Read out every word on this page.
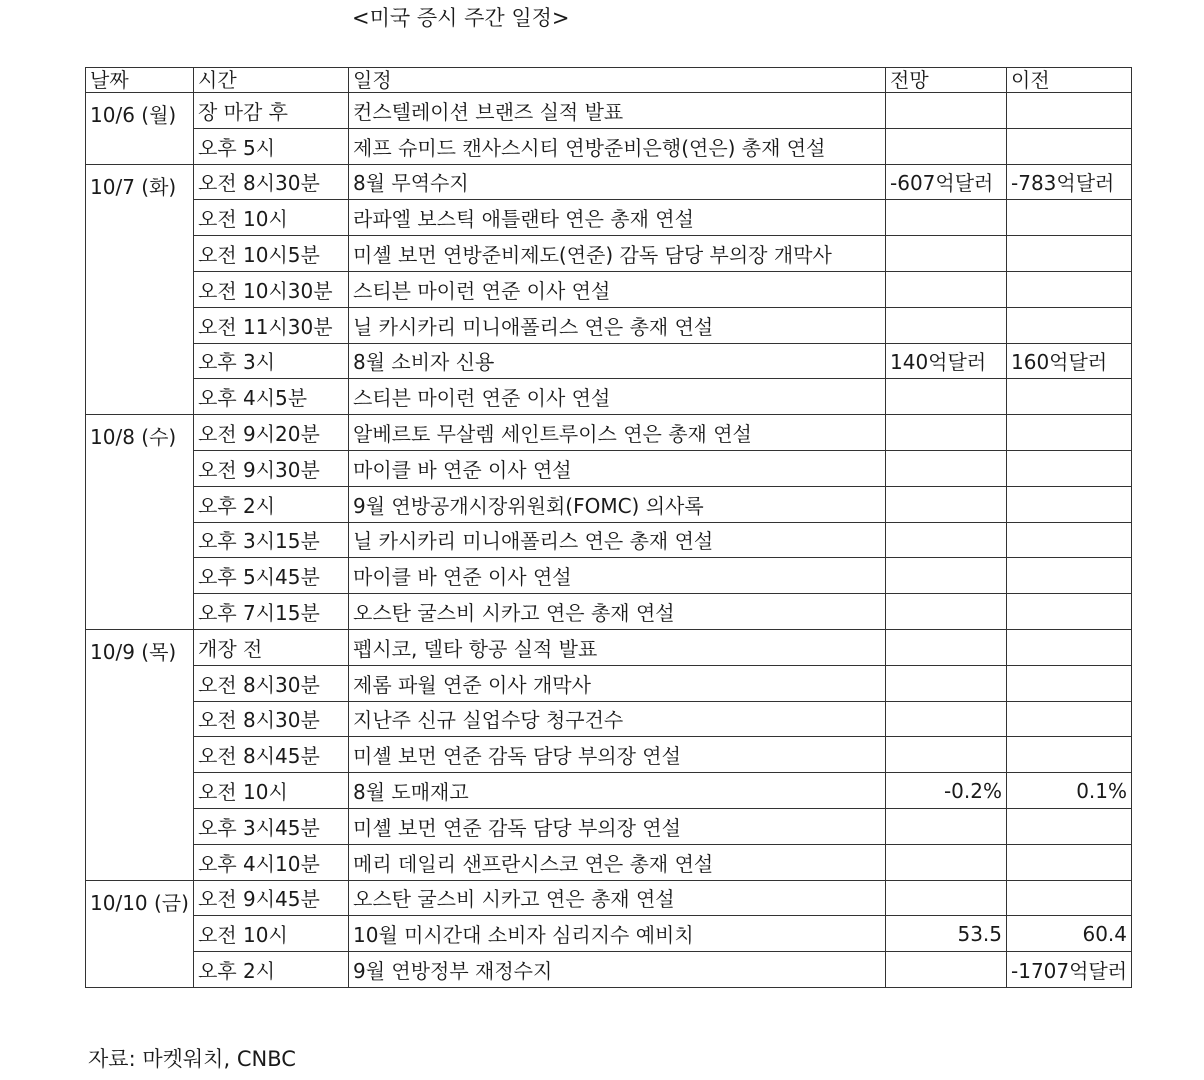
<미국 증시 주간 일정>
날짜	시간	일정	전망	이전
10/6 (월)	장 마감 후	컨스텔레이션 브랜즈 실적 발표		
	오후 5시	제프 슈미드 캔사스시티 연방준비은행(연은) 총재 연설		
10/7 (화)	오전 8시30분	8월 무역수지	-607억달러	-783억달러
	오전 10시	라파엘 보스틱 애틀랜타 연은 총재 연설		
	오전 10시5분	미셸 보먼 연방준비제도(연준) 감독 담당 부의장 개막사		
	오전 10시30분	스티븐 마이런 연준 이사 연설		
	오전 11시30분	닐 카시카리 미니애폴리스 연은 총재 연설		
	오후 3시	8월 소비자 신용	140억달러	160억달러
	오후 4시5분	스티븐 마이런 연준 이사 연설		
10/8 (수)	오전 9시20분	알베르토 무살렘 세인트루이스 연은 총재 연설		
	오전 9시30분	마이클 바 연준 이사 연설		
	오후 2시	9월 연방공개시장위원회(FOMC) 의사록		
	오후 3시15분	닐 카시카리 미니애폴리스 연은 총재 연설		
	오후 5시45분	마이클 바 연준 이사 연설		
	오후 7시15분	오스탄 굴스비 시카고 연은 총재 연설		
10/9 (목)	개장 전	펩시코, 델타 항공 실적 발표		
	오전 8시30분	제롬 파월 연준 이사 개막사		
	오전 8시30분	지난주 신규 실업수당 청구건수		
	오전 8시45분	미셸 보먼 연준 감독 담당 부의장 연설		
	오전 10시	8월 도매재고	-0.2%	0.1%
	오후 3시45분	미셸 보먼 연준 감독 담당 부의장 연설		
	오후 4시10분	메리 데일리 샌프란시스코 연은 총재 연설		
10/10 (금)	오전 9시45분	오스탄 굴스비 시카고 연은 총재 연설		
	오전 10시	10월 미시간대 소비자 심리지수 예비치	53.5	60.4
	오후 2시	9월 연방정부 재정수지		-1707억달러
자료: 마켓워치, CNBC
